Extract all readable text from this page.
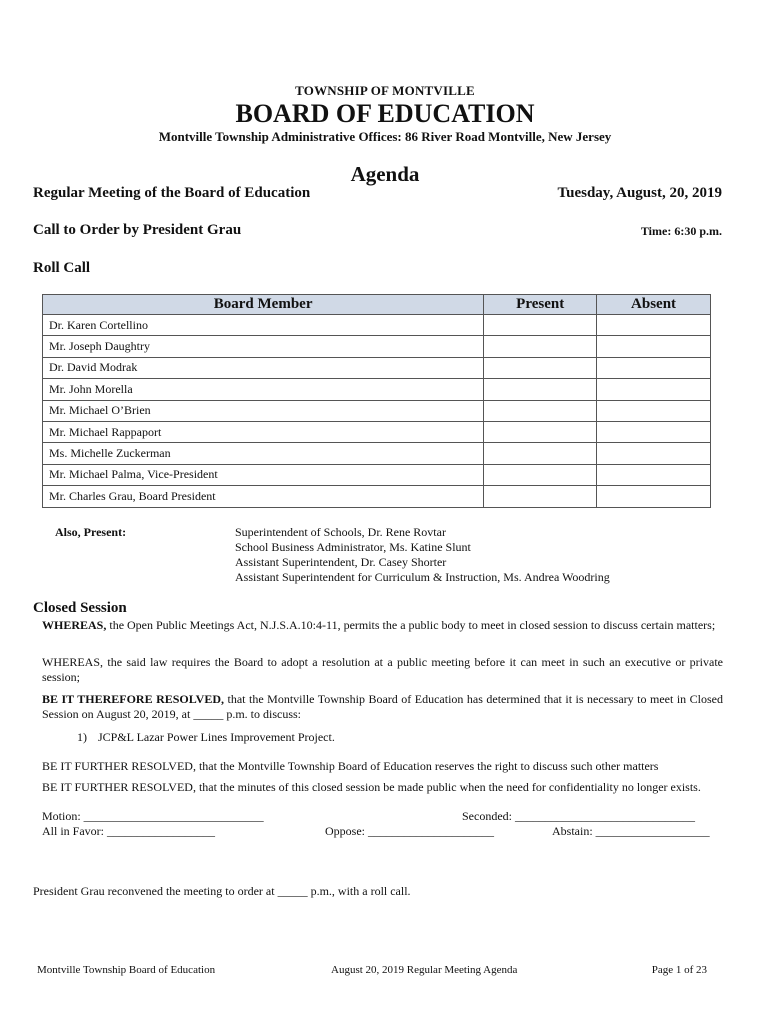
TOWNSHIP OF MONTVILLE
BOARD OF EDUCATION
Montville Township Administrative Offices: 86 River Road Montville, New Jersey
Agenda
Regular Meeting of the Board of Education	Tuesday, August, 20, 2019
Call to Order by President Grau	Time: 6:30 p.m.
Roll Call
Board Member	Present	Absent
Dr. Karen Cortellino		
Mr. Joseph Daughtry		
Dr. David Modrak		
Mr. John Morella		
Mr. Michael O’Brien		
Mr. Michael Rappaport		
Ms. Michelle Zuckerman		
Mr. Michael Palma, Vice-President		
Mr. Charles Grau, Board President		
Also, Present:	Superintendent of Schools, Dr. Rene Rovtar
School Business Administrator, Ms. Katine Slunt
Assistant Superintendent, Dr. Casey Shorter
Assistant Superintendent for Curriculum & Instruction, Ms. Andrea Woodring
Closed Session
WHEREAS, the Open Public Meetings Act, N.J.S.A.10:4-11, permits the a public body to meet in closed session to discuss certain matters;
WHEREAS, the said law requires the Board to adopt a resolution at a public meeting before it can meet in such an executive or private session;
BE IT THEREFORE RESOLVED, that the Montville Township Board of Education has determined that it is necessary to meet in Closed Session on August 20, 2019, at _____ p.m. to discuss:
1) JCP&L Lazar Power Lines Improvement Project.
BE IT FURTHER RESOLVED, that the Montville Township Board of Education reserves the right to discuss such other matters
BE IT FURTHER RESOLVED, that the minutes of this closed session be made public when the need for confidentiality no longer exists.
Motion: ______________________________	Seconded: ______________________________
All in Favor: __________________	Oppose: _____________________	Abstain: ___________________
President Grau reconvened the meeting to order at _____ p.m., with a roll call.
Montville Township Board of Education	August 20, 2019 Regular Meeting Agenda	Page 1 of 23
